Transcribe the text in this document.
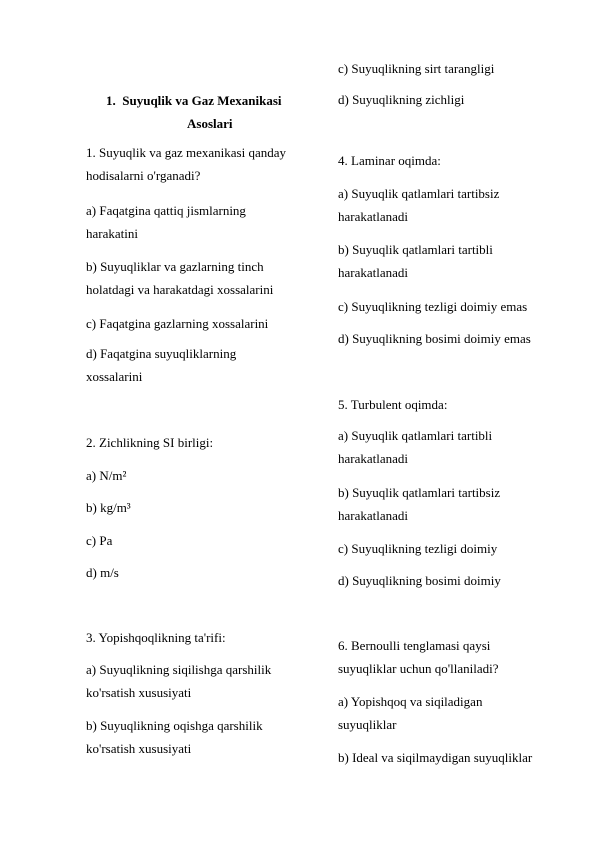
1. Suyuqlik va Gaz Mexanikasi
Asoslari
1. Suyuqlik va gaz mexanikasi qanday
hodisalarni o'rganadi?
a) Faqatgina qattiq jismlarning
harakatini
b) Suyuqliklar va gazlarning tinch
holatdagi va harakatdagi xossalarini
c) Faqatgina gazlarning xossalarini
d) Faqatgina suyuqliklarning
xossalarini
2. Zichlikning SI birligi:
a) N/m²
b) kg/m³
c) Pa
d) m/s
3. Yopishqoqlikning ta'rifi:
a) Suyuqlikning siqilishga qarshilik
ko'rsatish xususiyati
b) Suyuqlikning oqishga qarshilik
ko'rsatish xususiyati
c) Suyuqlikning sirt tarangligi
d) Suyuqlikning zichligi
4. Laminar oqimda:
a) Suyuqlik qatlamlari tartibsiz
harakatlanadi
b) Suyuqlik qatlamlari tartibli
harakatlanadi
c) Suyuqlikning tezligi doimiy emas
d) Suyuqlikning bosimi doimiy emas
5. Turbulent oqimda:
a) Suyuqlik qatlamlari tartibli
harakatlanadi
b) Suyuqlik qatlamlari tartibsiz
harakatlanadi
c) Suyuqlikning tezligi doimiy
d) Suyuqlikning bosimi doimiy
6. Bernoulli tenglamasi qaysi
suyuqliklar uchun qo'llaniladi?
a) Yopishqoq va siqiladigan
suyuqliklar
b) Ideal va siqilmaydigan suyuqliklar
